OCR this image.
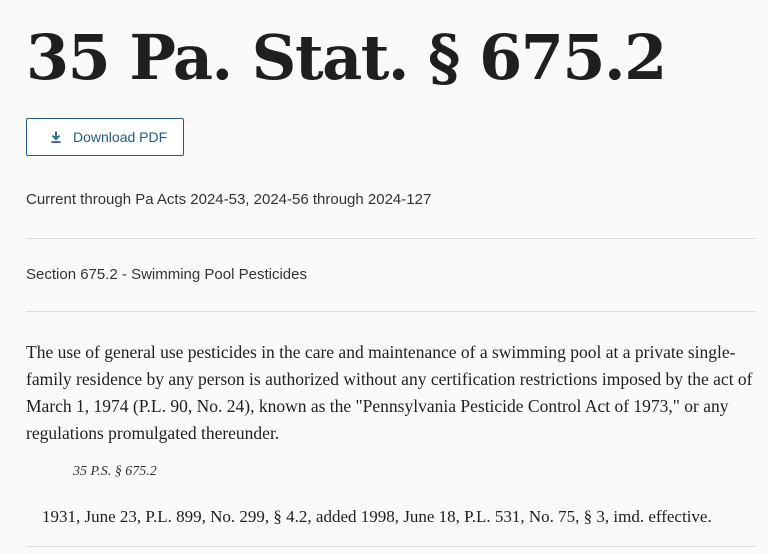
35 Pa. Stat. § 675.2
Download PDF
Current through Pa Acts 2024-53, 2024-56 through 2024-127
Section 675.2 - Swimming Pool Pesticides

The use of general use pesticides in the care and maintenance of a swimming pool at a private single-family residence by any person is authorized without any certification restrictions imposed by the act of March 1, 1974 (P.L. 90, No. 24), known as the "Pennsylvania Pesticide Control Act of 1973," or any regulations promulgated thereunder.

35 P.S. § 675.2
1931, June 23, P.L. 899, No. 299, § 4.2, added 1998, June 18, P.L. 531, No. 75, § 3, imd. effective.
